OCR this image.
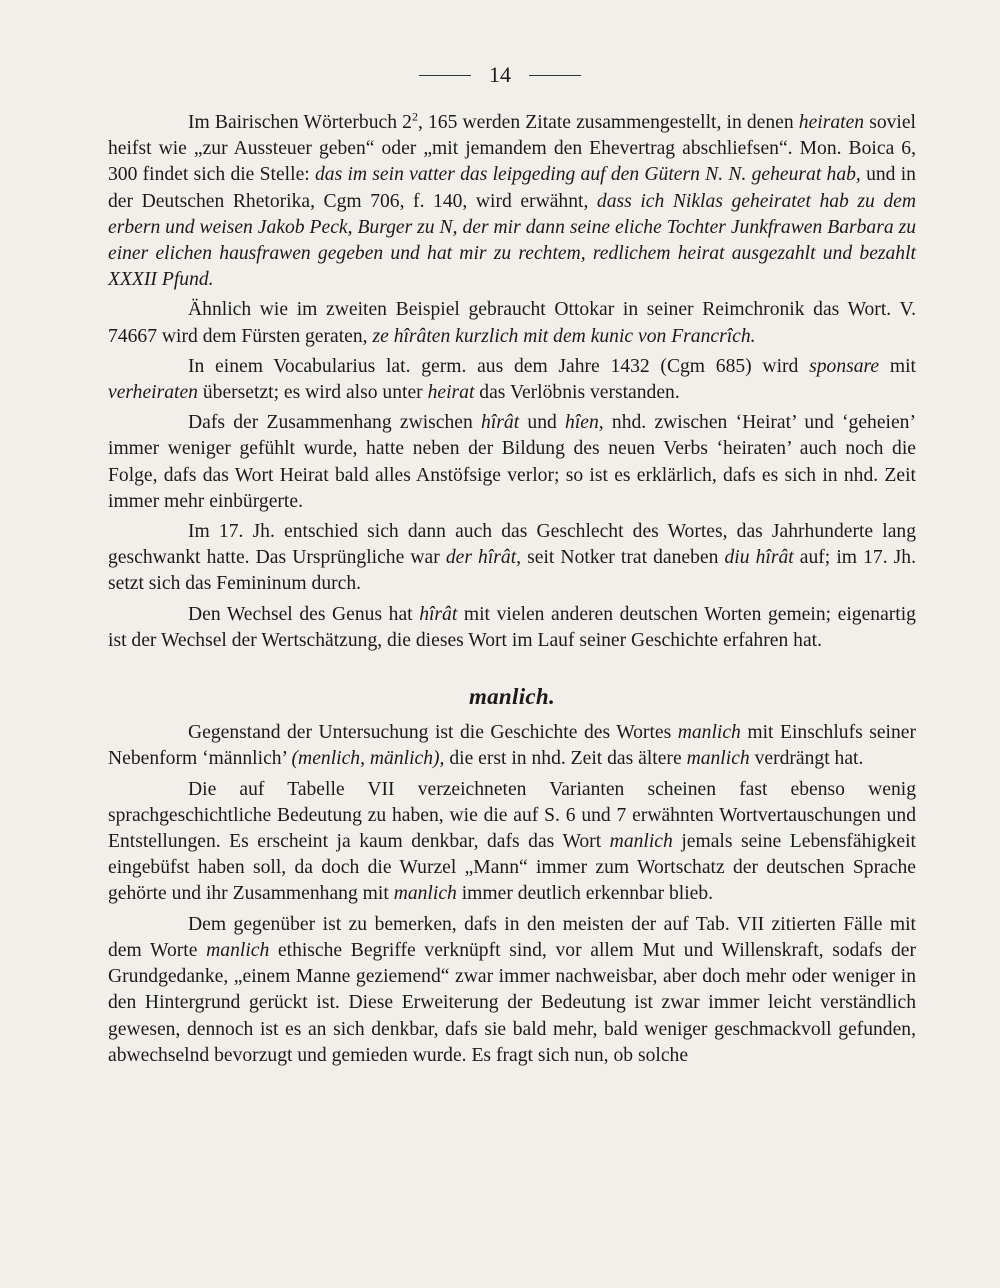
14

Im Bairischen Wörterbuch $2^2$, 165 werden Zitate zusammengestellt, in denen heiraten soviel heifst wie „zur Aussteuer geben“ oder „mit jemandem den Ehevertrag abschliefsen“. Mon. Boica 6, 300 findet sich die Stelle: das im sein vatter das leipgeding auf den Gütern N. N. geheurat hab, und in der Deutschen Rhetorika, Cgm 706, f. 140, wird erwähnt, dass ich Niklas geheiratet hab zu dem erbern und weisen Jakob Peck, Burger zu N, der mir dann seine eliche Tochter Junkfrawen Barbara zu einer elichen hausfrawen gegeben und hat mir zu rechtem, redlichem heirat ausgezahlt und bezahlt XXXII Pfund.

Ähnlich wie im zweiten Beispiel gebraucht Ottokar in seiner Reimchronik das Wort. V. 74667 wird dem Fürsten geraten, ze hîrâten kurzlich mit dem kunic von Francrîch.

In einem Vocabularius lat. germ. aus dem Jahre 1432 (Cgm 685) wird sponsare mit verheiraten übersetzt; es wird also unter heirat das Verlöbnis verstanden.

Dafs der Zusammenhang zwischen hîrât und hîen, nhd. zwischen ‘Heirat’ und ‘geheien’ immer weniger gefühlt wurde, hatte neben der Bildung des neuen Verbs ‘heiraten’ auch noch die Folge, dafs das Wort Heirat bald alles Anstöfsige verlor; so ist es erklärlich, dafs es sich in nhd. Zeit immer mehr einbürgerte.

Im 17. Jh. entschied sich dann auch das Geschlecht des Wortes, das Jahrhunderte lang geschwankt hatte. Das Ursprüngliche war der hîrât, seit Notker trat daneben diu hîrât auf; im 17. Jh. setzt sich das Femininum durch.

Den Wechsel des Genus hat hîrât mit vielen anderen deutschen Worten gemein; eigenartig ist der Wechsel der Wertschätzung, die dieses Wort im Lauf seiner Geschichte erfahren hat.

manlich.

Gegenstand der Untersuchung ist die Geschichte des Wortes manlich mit Einschlufs seiner Nebenform ‘männlich’ (menlich, mänlich), die erst in nhd. Zeit das ältere manlich verdrängt hat.

Die auf Tabelle VII verzeichneten Varianten scheinen fast ebenso wenig sprachgeschichtliche Bedeutung zu haben, wie die auf S. 6 und 7 erwähnten Wortvertauschungen und Entstellungen. Es erscheint ja kaum denkbar, dafs das Wort manlich jemals seine Lebensfähigkeit eingebüfst haben soll, da doch die Wurzel „Mann“ immer zum Wortschatz der deutschen Sprache gehörte und ihr Zusammenhang mit manlich immer deutlich erkennbar blieb.

Dem gegenüber ist zu bemerken, dafs in den meisten der auf Tab. VII zitierten Fälle mit dem Worte manlich ethische Begriffe verknüpft sind, vor allem Mut und Willenskraft, sodafs der Grundgedanke, „einem Manne geziemend“ zwar immer nachweisbar, aber doch mehr oder weniger in den Hintergrund gerückt ist. Diese Erweiterung der Bedeutung ist zwar immer leicht verständlich gewesen, dennoch ist es an sich denkbar, dafs sie bald mehr, bald weniger geschmackvoll gefunden, abwechselnd bevorzugt und gemieden wurde. Es fragt sich nun, ob solche
